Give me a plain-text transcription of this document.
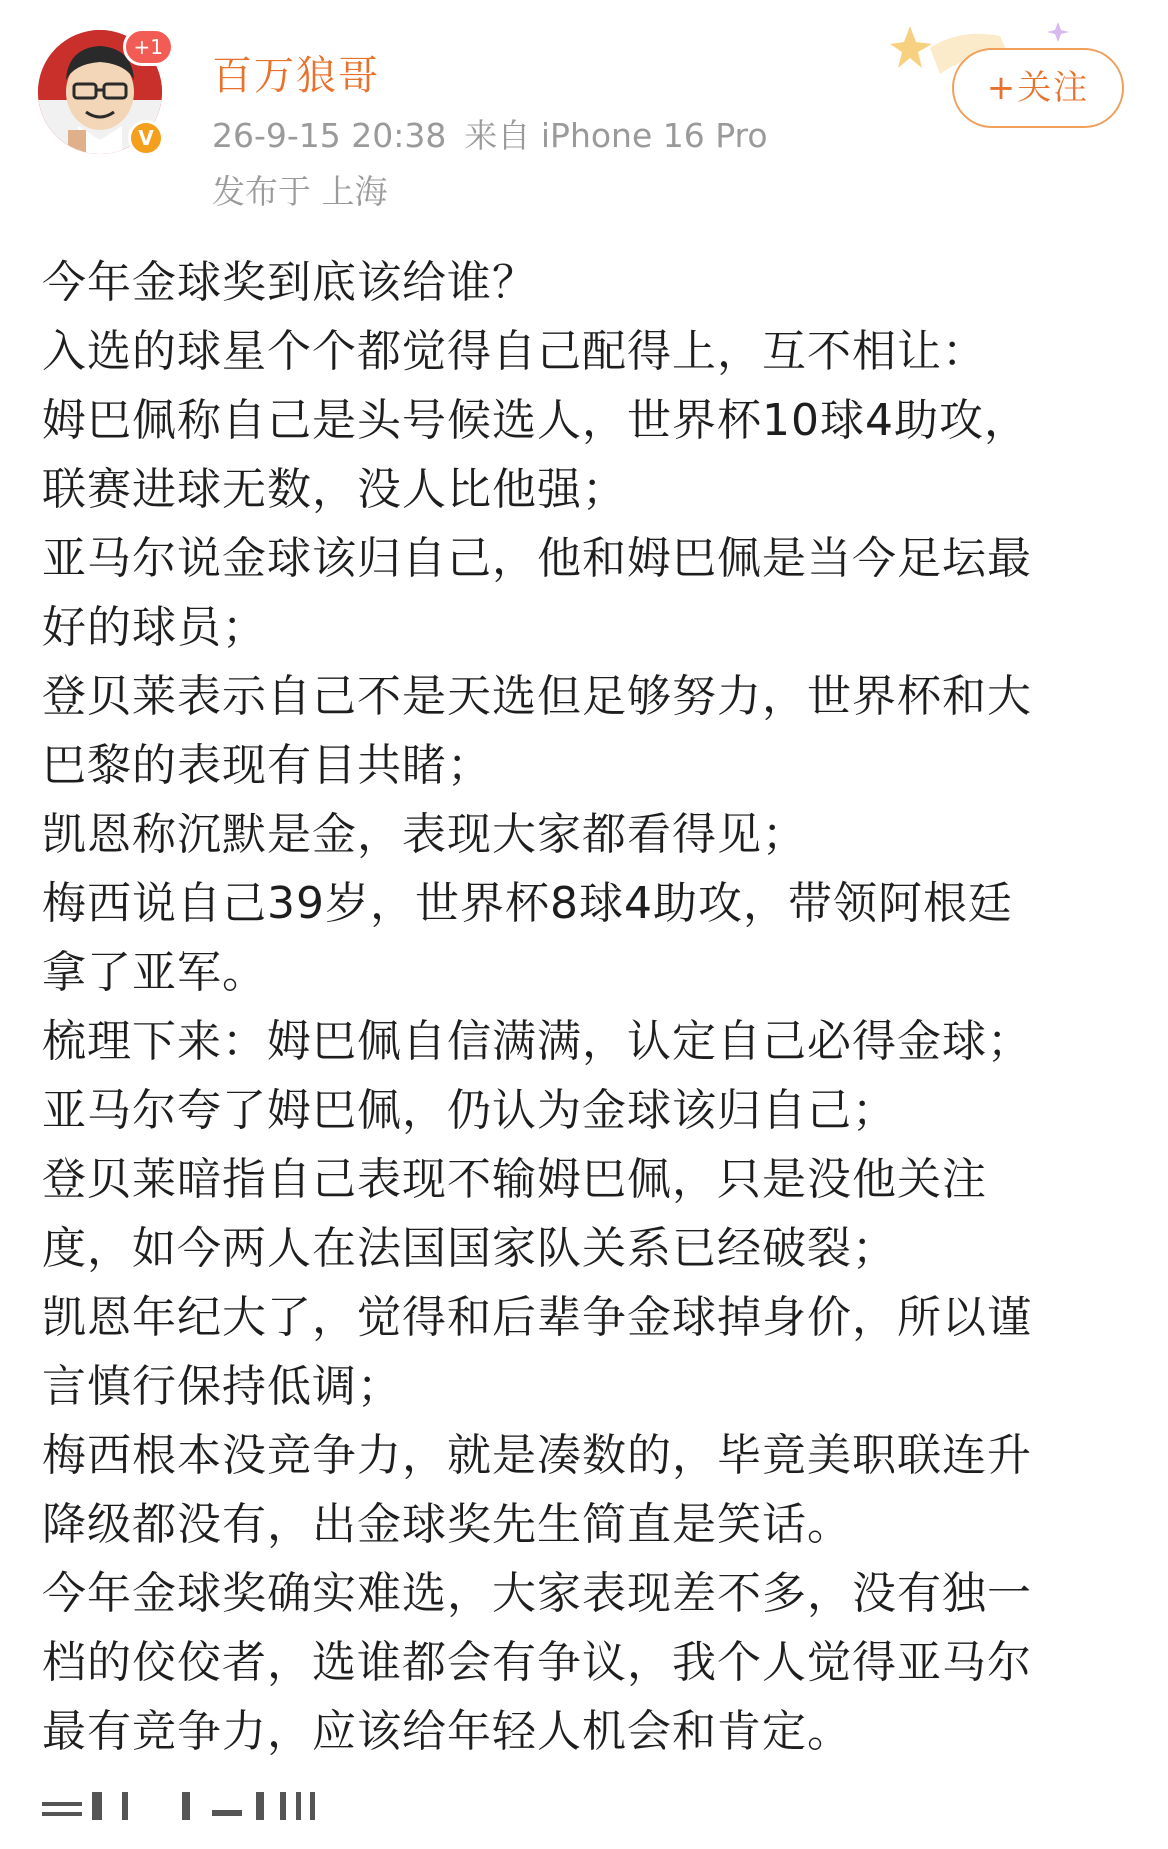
+1
V
百万狼哥
26-9-15 20:38 来自 iPhone 16 Pro
发布于 上海
+关注
今年金球奖到底该给谁？
入选的球星个个都觉得自己配得上，互不相让：
姆巴佩称自己是头号候选人，世界杯10球4助攻，
联赛进球无数，没人比他强；
亚马尔说金球该归自己，他和姆巴佩是当今足坛最
好的球员；
登贝莱表示自己不是天选但足够努力，世界杯和大
巴黎的表现有目共睹；
凯恩称沉默是金，表现大家都看得见；
梅西说自己39岁，世界杯8球4助攻，带领阿根廷
拿了亚军。
梳理下来：姆巴佩自信满满，认定自己必得金球；
亚马尔夸了姆巴佩，仍认为金球该归自己；
登贝莱暗指自己表现不输姆巴佩，只是没他关注
度，如今两人在法国国家队关系已经破裂；
凯恩年纪大了，觉得和后辈争金球掉身价，所以谨
言慎行保持低调；
梅西根本没竞争力，就是凑数的，毕竟美职联连升
降级都没有，出金球奖先生简直是笑话。
今年金球奖确实难选，大家表现差不多，没有独一
档的佼佼者，选谁都会有争议，我个人觉得亚马尔
最有竞争力，应该给年轻人机会和肯定。
